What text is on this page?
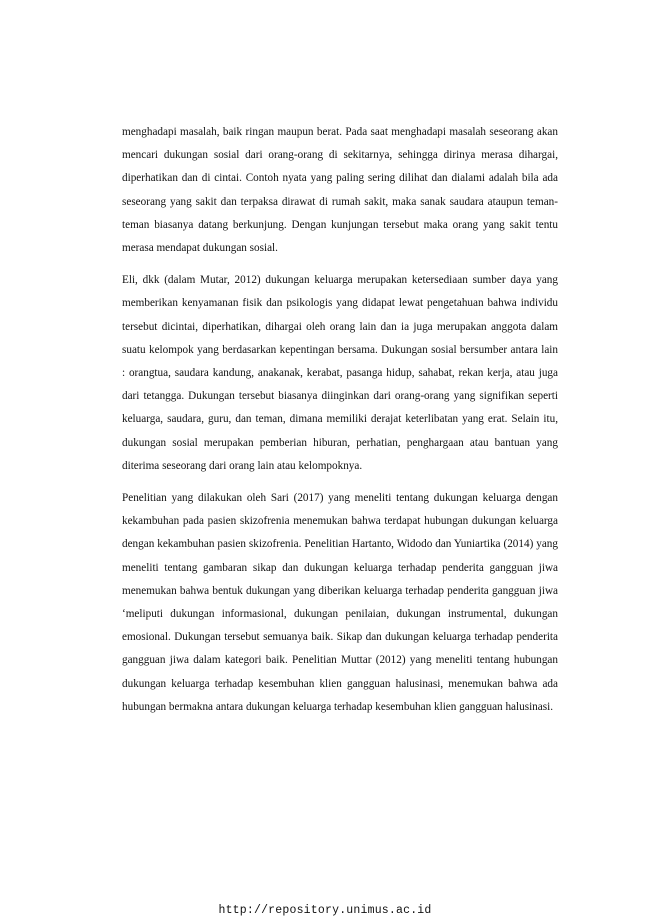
menghadapi masalah, baik ringan maupun berat. Pada saat menghadapi masalah seseorang akan mencari dukungan sosial dari orang-orang di sekitarnya, sehingga dirinya merasa dihargai, diperhatikan dan di cintai. Contoh nyata yang paling sering dilihat dan dialami adalah bila ada seseorang yang sakit dan terpaksa dirawat di rumah sakit, maka sanak saudara ataupun teman-teman biasanya datang berkunjung. Dengan kunjungan tersebut maka orang yang sakit tentu merasa mendapat dukungan sosial.

Eli, dkk (dalam Mutar, 2012) dukungan keluarga merupakan ketersediaan sumber daya yang memberikan kenyamanan fisik dan psikologis yang didapat lewat pengetahuan bahwa individu tersebut dicintai, diperhatikan, dihargai oleh orang lain dan ia juga merupakan anggota dalam suatu kelompok yang berdasarkan kepentingan bersama. Dukungan sosial bersumber antara lain : orangtua, saudara kandung, anakanak, kerabat, pasanga hidup, sahabat, rekan kerja, atau juga dari tetangga. Dukungan tersebut biasanya diinginkan dari orang-orang yang signifikan seperti keluarga, saudara, guru, dan teman, dimana memiliki derajat keterlibatan yang erat. Selain itu, dukungan sosial merupakan pemberian hiburan, perhatian, penghargaan atau bantuan yang diterima seseorang dari orang lain atau kelompoknya.

Penelitian yang dilakukan oleh Sari (2017) yang meneliti tentang dukungan keluarga dengan kekambuhan pada pasien skizofrenia menemukan bahwa terdapat hubungan dukungan keluarga dengan kekambuhan pasien skizofrenia. Penelitian Hartanto, Widodo dan Yuniartika (2014) yang meneliti tentang gambaran sikap dan dukungan keluarga terhadap penderita gangguan jiwa menemukan bahwa bentuk dukungan yang diberikan keluarga terhadap penderita gangguan jiwa ‘meliputi dukungan informasional, dukungan penilaian, dukungan instrumental, dukungan emosional. Dukungan tersebut semuanya baik. Sikap dan dukungan keluarga terhadap penderita gangguan jiwa dalam kategori baik. Penelitian Muttar (2012) yang meneliti tentang hubungan dukungan keluarga terhadap kesembuhan klien gangguan halusinasi, menemukan bahwa ada hubungan bermakna antara dukungan keluarga terhadap kesembuhan klien gangguan halusinasi.

http://repository.unimus.ac.id
